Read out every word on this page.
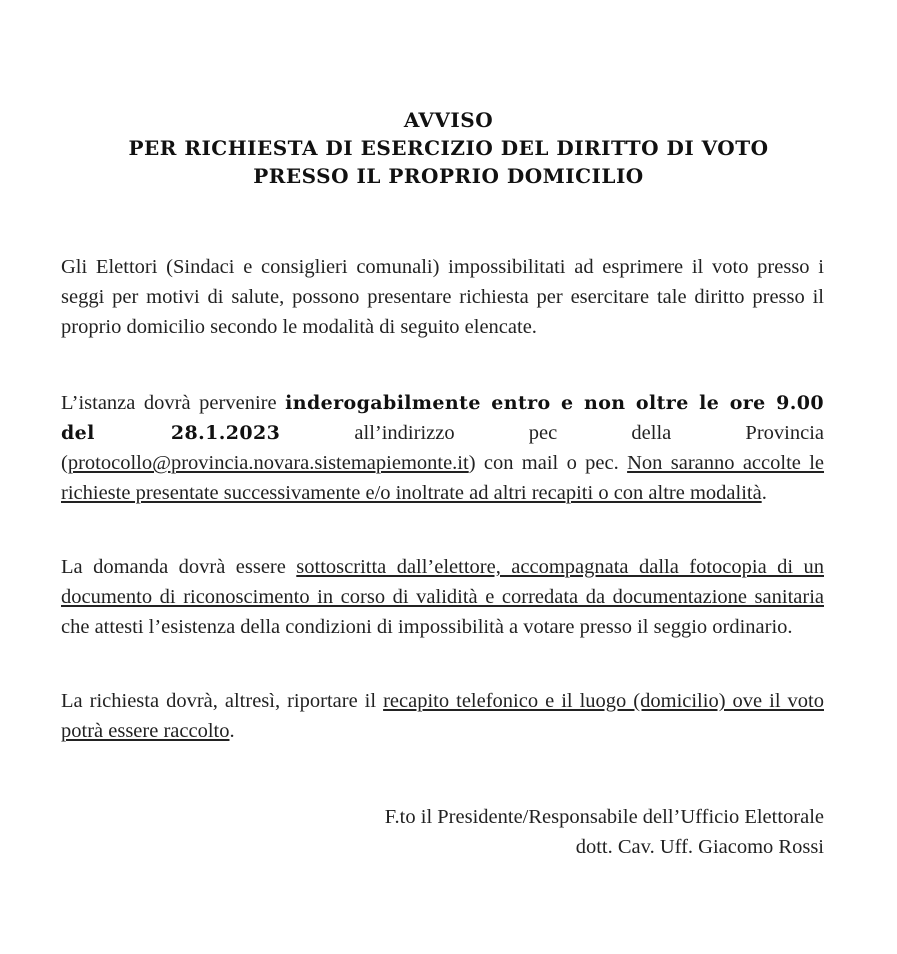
AVVISO
PER RICHIESTA DI ESERCIZIO DEL DIRITTO DI VOTO
PRESSO IL PROPRIO DOMICILIO
Gli Elettori (Sindaci e consiglieri comunali) impossibilitati ad esprimere il voto presso i seggi per motivi di salute, possono presentare richiesta per esercitare tale diritto presso il proprio domicilio secondo le modalità di seguito elencate.
L’istanza dovrà pervenire inderogabilmente entro e non oltre le ore 9.00 del 28.1.2023 all’indirizzo pec della Provincia (protocollo@provincia.novara.sistemapiemonte.it) con mail o pec. Non saranno accolte le richieste presentate successivamente e/o inoltrate ad altri recapiti o con altre modalità.
La domanda dovrà essere sottoscritta dall’elettore, accompagnata dalla fotocopia di un documento di riconoscimento in corso di validità e corredata da documentazione sanitaria che attesti l’esistenza della condizioni di impossibilità a votare presso il seggio ordinario.
La richiesta dovrà, altresì, riportare il recapito telefonico e il luogo (domicilio) ove il voto potrà essere raccolto.
F.to il Presidente/Responsabile dell’Ufficio Elettorale
dott. Cav. Uff. Giacomo Rossi
